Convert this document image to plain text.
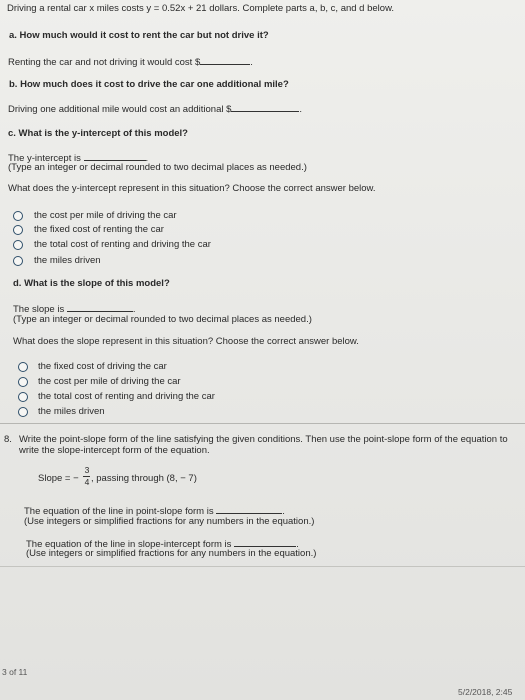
Driving a rental car x miles costs y = 0.52x + 21 dollars. Complete parts a, b, c, and d below.
a. How much would it cost to rent the car but not drive it?
Renting the car and not driving it would cost $	.
b. How much does it cost to drive the car one additional mile?
Driving one additional mile would cost an additional $	.
c. What is the y-intercept of this model?
The y-intercept is	.
(Type an integer or decimal rounded to two decimal places as needed.)
What does the y-intercept represent in this situation? Choose the correct answer below.
the cost per mile of driving the car
the fixed cost of renting the car
the total cost of renting and driving the car
the miles driven
d. What is the slope of this model?
The slope is	.
(Type an integer or decimal rounded to two decimal places as needed.)
What does the slope represent in this situation? Choose the correct answer below.
the fixed cost of driving the car
the cost per mile of driving the car
the total cost of renting and driving the car
the miles driven
8. Write the point-slope form of the line satisfying the given conditions. Then use the point-slope form of the equation to
write the slope-intercept form of the equation.
Slope = −
3
4 , passing through (8, − 7)
The equation of the line in point-slope form is	.
(Use integers or simplified fractions for any numbers in the equation.)
The equation of the line in slope-intercept form is	.
(Use integers or simplified fractions for any numbers in the equation.)
3 of 11
5/2/2018, 2:45
